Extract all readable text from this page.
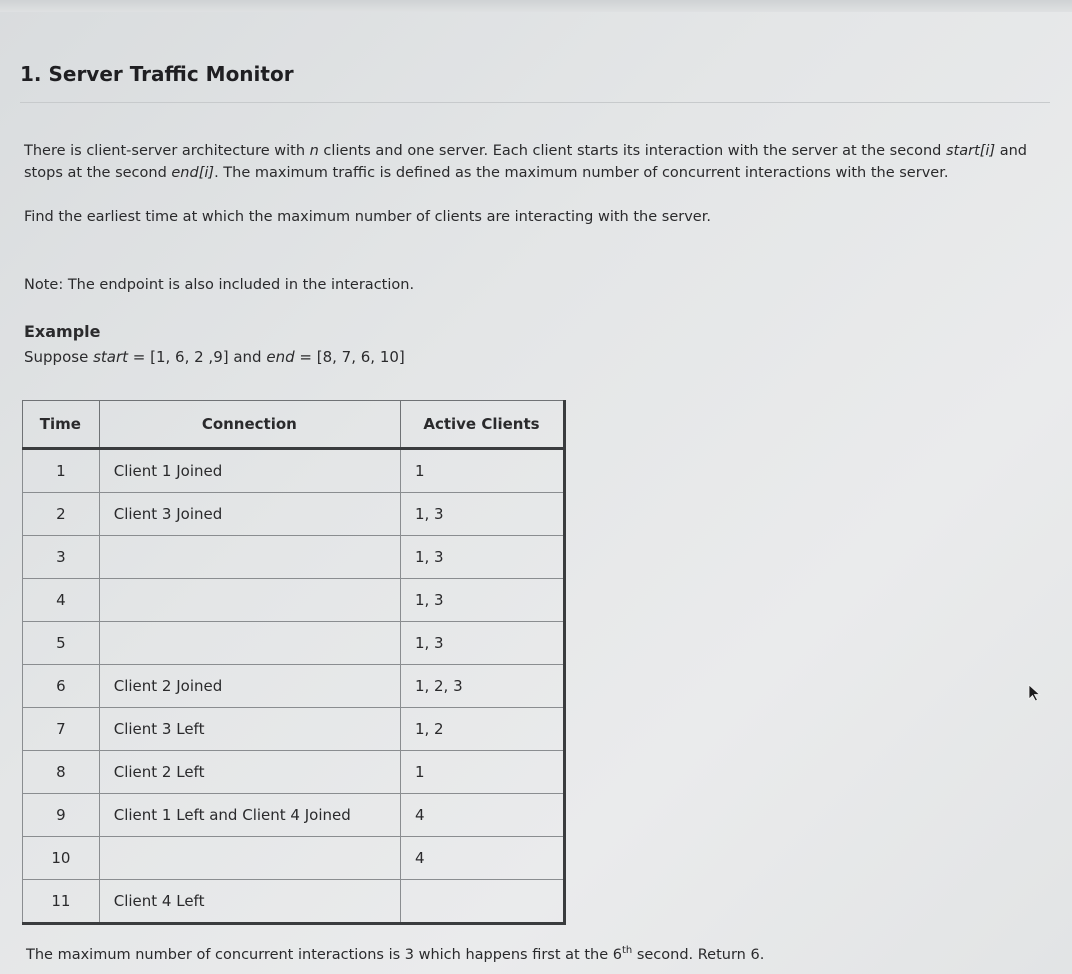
1. Server Traffic Monitor

There is client-server architecture with n clients and one server. Each client starts its interaction with the server at the second start[i] and stops at the second end[i]. The maximum traffic is defined as the maximum number of concurrent interactions with the server.

Find the earliest time at which the maximum number of clients are interacting with the server.

Note: The endpoint is also included in the interaction.

Example

Suppose start = [1, 6, 2 ,9] and end = [8, 7, 6, 10]

Time	Connection	Active Clients
1	Client 1 Joined	1
2	Client 3 Joined	1, 3
3		1, 3
4		1, 3
5		1, 3
6	Client 2 Joined	1, 2, 3
7	Client 3 Left	1, 2
8	Client 2 Left	1
9	Client 1 Left and Client 4 Joined	4
10		4
11	Client 4 Left	

The maximum number of concurrent interactions is 3 which happens first at the 6th second. Return 6.
